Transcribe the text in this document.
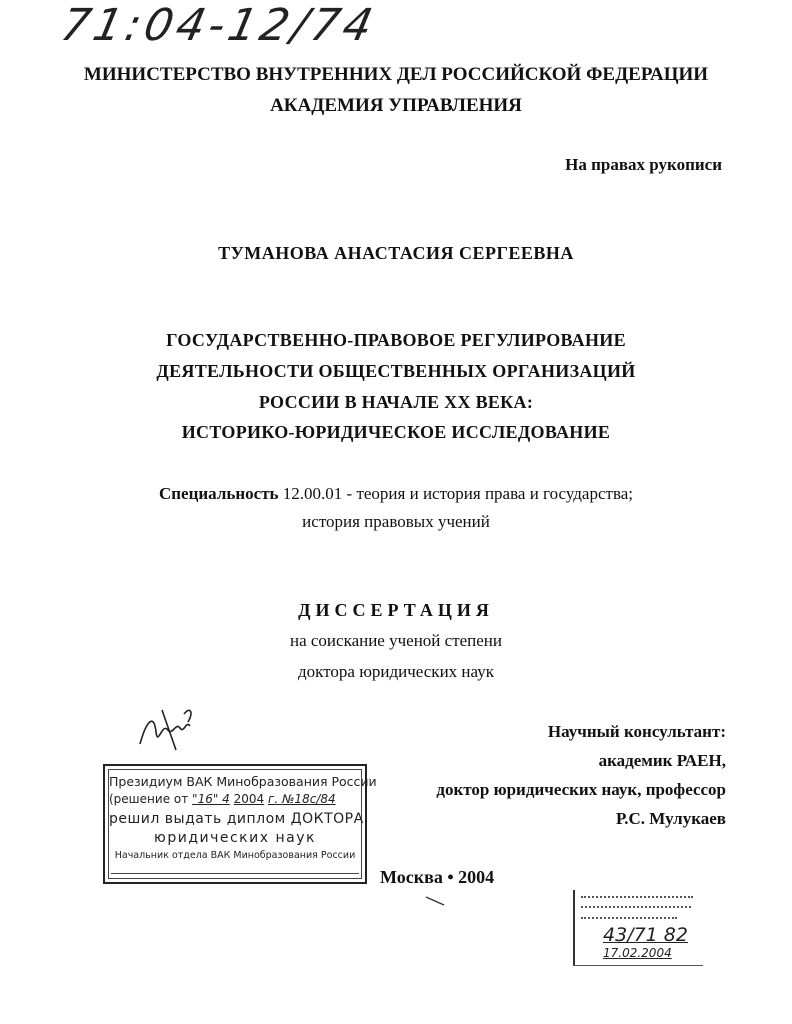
71:04-12/74
МИНИСТЕРСТВО ВНУТРЕННИХ ДЕЛ РОССИЙСКОЙ ФЕДЕРАЦИИ
АКАДЕМИЯ УПРАВЛЕНИЯ
На правах рукописи
ТУМАНОВА АНАСТАСИЯ СЕРГЕЕВНА
ГОСУДАРСТВЕННО-ПРАВОВОЕ РЕГУЛИРОВАНИЕ
ДЕЯТЕЛЬНОСТИ ОБЩЕСТВЕННЫХ ОРГАНИЗАЦИЙ
РОССИИ В НАЧАЛЕ XX ВЕКА:
ИСТОРИКО-ЮРИДИЧЕСКОЕ ИССЛЕДОВАНИЕ
Специальность 12.00.01 - теория и история права и государства;
история правовых учений
ДИССЕРТАЦИЯ
на соискание ученой степени
доктора юридических наук
Научный консультант:
академик РАЕН,
доктор юридических наук, профессор
Р.С. Мулукаев
Президиум ВАК Минобразования России
(решение от "16" 4 2004 г. №18с/84
решил выдать диплом ДОКТОРА
юридических наук
Начальник отдела ВАК Минобразования России
Москва • 2004
43/71 82
17.02.2004
